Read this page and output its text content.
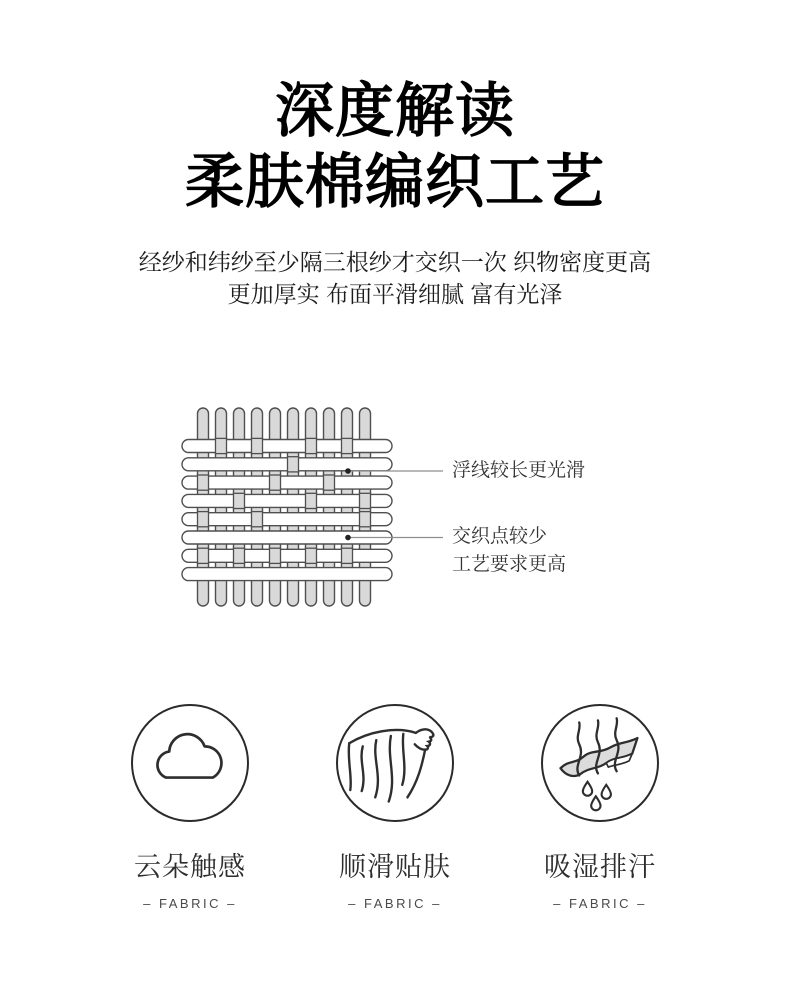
深度解读
柔肤棉编织工艺
经纱和纬纱至少隔三根纱才交织一次 织物密度更高
更加厚实 布面平滑细腻 富有光泽
浮线较长更光滑
交织点较少
工艺要求更高
云朵触感
– FABRIC –
顺滑贴肤
– FABRIC –
吸湿排汗
– FABRIC –
